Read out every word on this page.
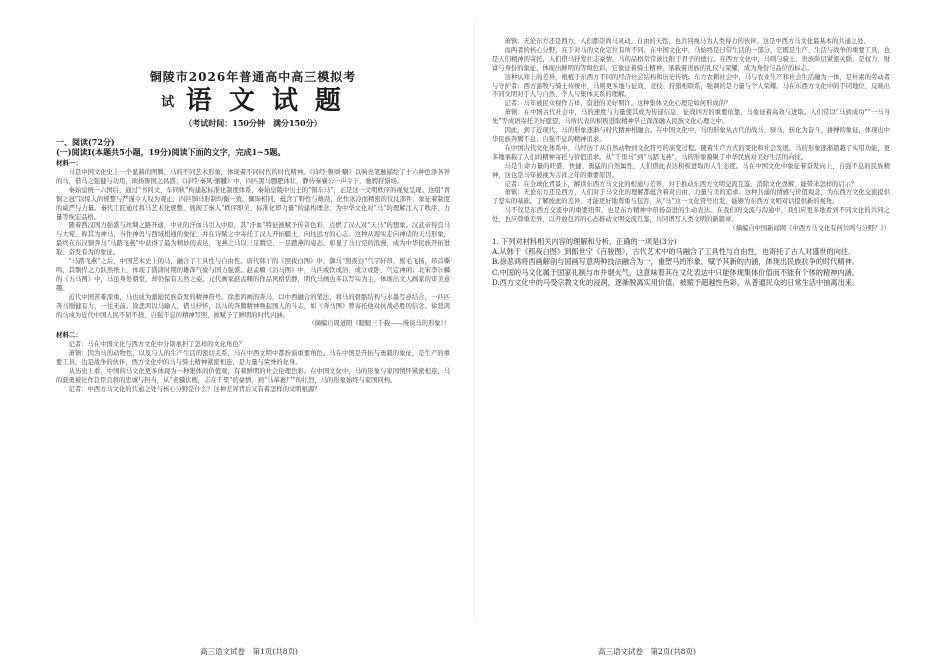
铜陵市2026年普通高中高三模拟考

试 语 文 试 题

（考试时间：150分钟　满分150分）

一、阅读(72分)

(一)阅读Ⅰ(本题共5小题，19分)阅读下面的文字，完成1~5题。

材料一：

马是中国文化史上一个显赫的图腾，马的不同艺术形象，体现着不同时代的时代精神。《诗经·鲁颂·駉》以响亮笔触描绘了十六种色泽各异的马，借马之强健与功用，颂扬鲁国之昌盛；《诗经·秦风·驷驖》中，四匹黑马膘肥体壮，静待秦襄公一声令下，驰骋狩猎场。

秦始皇统一六国后，通过“书同文、车同轨”构建起标准化制度体系，秦始皇陵中出土的“铜车马”，正是这一文明秩序的视觉呈现。这组“青铜之冠”以惊人的规整与严谨令人叹为观止，四匹铜马形制均衡一致，佩饰相同，蕴含了野性与雄劲，化作冰冷而精密的仪仗部件，象征着制度的威严与力量。秦代工匠通过将马艺术化规整，展现了秦人“秩序即美、标准化即力量”的建构理念，为中华文化对“马”的理解注入了秩序、力量等恢宏品格。

随着西汉国力强盛与丝绸之路开通，中亚的汗血马引入中原，其“汗血”特征被赋予传奇色彩，点燃了汉人对“天马”的想象。汉武帝得良马与大宛，称其为神马，当作神兽与西域相通的象征，并在诗赋之中寄托了汉人开拓疆土、向往远方的心志。这种从现实走向神话的天马形象，最终在东汉铜奔马“马踏飞燕”中获得了最为精妙的表达，飞燕之马以三足腾空、一足踏燕的姿态，彰显了马行空的浪漫，成为中华民族开拓进取、奋发有为的象征。

“马踏飞燕”之后，中国艺术史上的马，融合了工具性与自由性。唐代韩干的《照夜白图》中，御马“照夜白”气宇轩昂，鬃毛飞扬，昂首嘶鸣，其剽悍之力跃然纸上，体现了盛唐时期的雄浑气象与国力强盛。赵孟頫《浴马图》中，马匹或饮或浴，或立或卧，气定神闲；北宋李公麟的《五马图》中，马虽身处朝堂，却仍保有天然之姿。元代画家赵孟頫的作品风格恬静，明代马画也多以写实为主，体现出文人画家的审美意趣。

近代中国苦难深重，马也成为激励民族奋发的精神符号。徐悲鸿画的奔马，以中西融合的笔法，将马的骨骼结构与水墨写意结合，一匹匹奔马刚健有力，一往无前。徐悲鸿以马喻人，借马抒怀，以马的奔腾精神唤起国人的斗志，如《奔马图》曾寄托他对抗战必胜的信念。徐悲鸿的马成为近代中国人民不屈不挠、自强不息的精神写照，被赋予了鲜明的时代内涵。

（摘编自周道阳《駸駸三千载——漫谈马的形象》）

材料二：

记者：马在中国文化与西方文化中分别承担了怎样的文化角色？

萧镇：因为马的动物性，以及与人的生产生活的密切关系，马在中西文明中都扮演重要角色。马在中国是开拓与勇毅的象征，是生产的重要工具，也是战争的伙伴，西方文化中的马与骑士精神紧密相连，是力量与荣誉的化身。

从历史上看，中国的马文化更多体现为一种集体的价值观，有着鲜明的社会伦理色彩。在中国文化中，马的形象与家国情怀紧密相连，马的骁勇被比作良臣良将的忠诚与担当，从“老骥伏枥，志在千里”的豪情，到“马革裹尸”的壮烈，马的形象始终与家国同构。

记者：中西方马文化的共通之处与核心分野是什么？这种差异背后又有着怎样的文明根源？

高三语文试卷　第1页(共8页)

萧镇：无论东方还是西方，人们都崇尚马灵动、自由的天性，也共同视马为人类得力的伙伴。这是中西方马文化最基本的共通之处。

而两者的核心分野，在于对马的文化定位有所不同。在中国文化中，马始终是日常生活的一部分，它既是生产、生活与战争的重要工具，也是人们精神的寄托，人们借马抒发壮志豪情，马的品格常常被比附于君子的德行。在西方文化中，马则与骑士、贵族阶层紧密关联，是权力、财富与身份的象征，体现出鲜明的等级色彩，它象征着骑士精神，承载着贵族的礼仪与荣耀，成为身份与品位的标志。

这种认知上的差异，根植于东西方不同的经济社会结构和历史传统。东方农耕社会中，马与农业生产和社会生活融为一体，是朴素的劳动者与守护者；西方游牧与骑士传统中，马则更多地与征战、竞技、狩猎相联系，强调的是力量与个人荣耀。马在东西方文化中的不同地位，反映出不同文明对于人与自然、个人与集体关系的理解。

记者：马年被民众视作吉祥、奋进的美好期许。这种集体文化心理是如何形成的？

萧镇：在中国古代社会中，马的速度与力量使其成为传递信息、征战四方的重要依靠，马象征着高效与进取。人们常以“马到成功”“一马当先”等成语寄托美好愿望，马所代表的积极进取精神早已深深融入民族文化心理之中。

因此，到了近现代，马的形象逐渐与时代精神相融合。在中国文化中，马的形象从古代的战马、驿马，转化为奋斗、拼搏的象征，体现出中华民族奔腾不息、自强不息的精神追求。

在中国古代文化体系中，马经历了从自然动物到文化符号的演变过程。随着生产方式的变化和社会发展，马的形象逐渐超越了实用功能，更多地承载了人们的精神寄托与价值追求。从“千里马”到“马踏飞燕”，马的形象凝聚了中华民族对美好生活的向往。

马是生命力量的旺盛、快捷、勇猛的自然属性，人们借此表达积极进取的人生态度。马在中国文化中象征着奋发向上、自强不息的民族精神，这也是马年被视为吉祥之年的重要原因。

记者：在全球化背景下，解读东西方马文化的相通与差异，对于推动东西方文明交流互鉴，消除文化误解，能带来怎样的启示？

萧镇：无论东方还是西方，人们对于马文化的理解都蕴含着对自由、力量与美的追求。这种共通的情感与价值观念，为东西方文化交流提供了坚实的基础。了解彼此的差异，才能更好地尊重与包容，从“马”这一文化符号出发，能够为东西方文明对话提供新的视角。

马不仅是东西方交流中的重要纽带，也是东方精神中昂扬奋进的生动表达。在我们的交流与沟通中，我们应更多地看到不同文化的共同之处，也应尊重差异，以开放包容的心态推动文明交流互鉴，共同谱写人类文明的新篇章。

（摘编自中国新闻网《中西方马文化有何共鸣与分野？》）

1. 下列对材料相关内容的理解和分析，正确的一项是(3分)

A.从韩干《照夜白图》到郎世宁《百骏图》，古代艺术中的马融合了工具性与自由性，也寄托了古人对盛世的向往。

B.徐悲鸿将西画解剖与国画写意两种技法融合为一，重塑马的形象，赋予其新的内涵，体现出民族抗争的时代精神。

C.中国的马文化属于国家礼制与市井烟火气，这意味着其在文化表达中只能体现集体价值而不能有个体的精神内涵。

D.西方文化中的马受宗教文化的浸润，逐渐脱离实用价值，被赋予超越性色彩，从普通民众的日常生活中抽离出来。

高三语文试卷　第2页(共8页)
